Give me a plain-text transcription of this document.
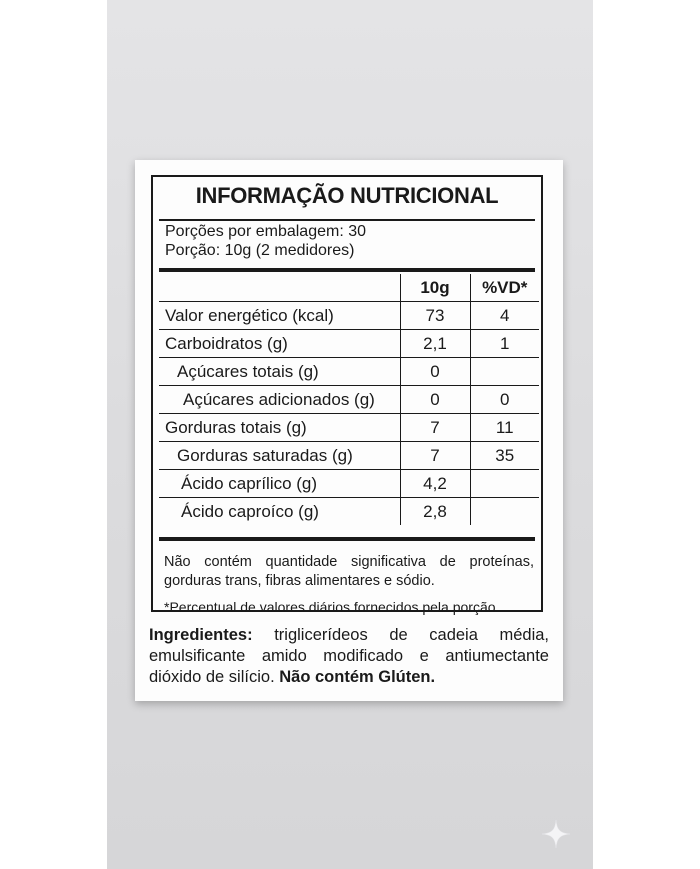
INFORMAÇÃO NUTRICIONAL
Porções por embalagem: 30
Porção: 10g (2 medidores)
	10g	%VD*
Valor energético (kcal)	73	4
Carboidratos (g)	2,1	1
Açúcares totais (g)	0	
Açúcares adicionados (g)	0	0
Gorduras totais (g)	7	11
Gorduras saturadas (g)	7	35
Ácido caprílico (g)	4,2	
Ácido caproíco (g)	2,8	
Não contém quantidade significativa de proteínas,
gorduras trans, fibras alimentares e sódio.
*Percentual de valores diários fornecidos pela porção.
Ingredientes: triglicerídeos de cadeia média, emulsificante amido modificado e antiumectante dióxido de silício. Não contém Glúten.
